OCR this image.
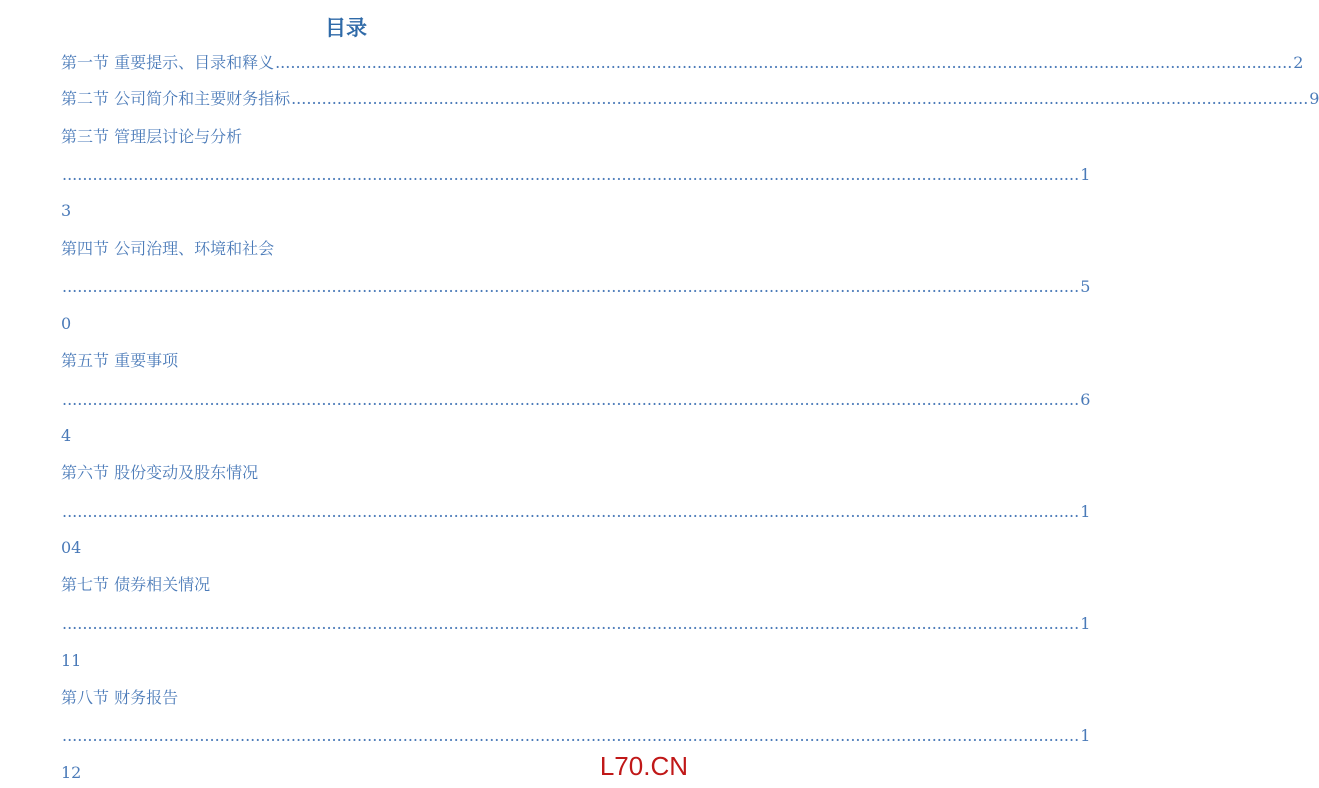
目录
第一节 重要提示、目录和释义 ........................................................................................................................................................................................................ 2
第二节 公司简介和主要财务指标 ........................................................................................................................................................................................................ 9
第三节 管理层讨论与分析
........................................................................................................................................................................................................ 1
3
第四节 公司治理、环境和社会
........................................................................................................................................................................................................ 5
0
第五节 重要事项
........................................................................................................................................................................................................ 6
4
第六节 股份变动及股东情况
........................................................................................................................................................................................................ 1
04
第七节 债券相关情况
........................................................................................................................................................................................................ 1
11
第八节 财务报告
........................................................................................................................................................................................................ 1
12	L70.CN
